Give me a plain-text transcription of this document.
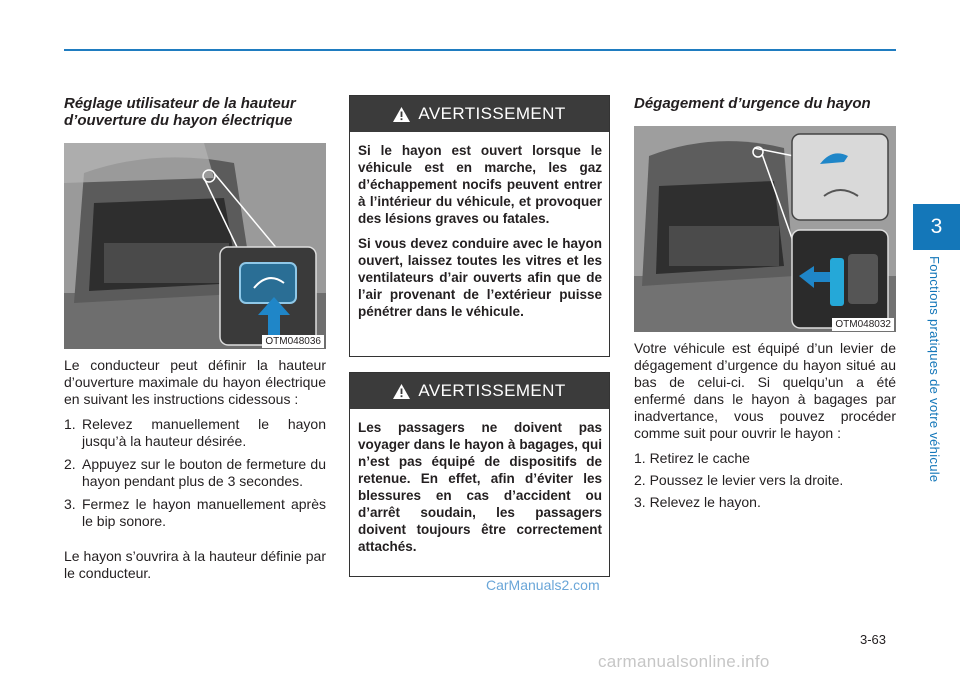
3
Fonctions pratiques de votre véhicule
Réglage utilisateur de la hauteur d’ouverture du hayon électrique
OTM048036

Le conducteur peut définir la hauteur d’ouverture maximale du hayon électrique en suivant les instructions cidessous :

1. Relevez manuellement le hayon jusqu’à la hauteur désirée.
2. Appuyez sur le bouton de fermeture du hayon pendant plus de 3 secondes.
3. Fermez le hayon manuellement après le bip sonore.

Le hayon s’ouvrira à la hauteur définie par le conducteur.

AVERTISSEMENT

Si le hayon est ouvert lorsque le véhicule est en marche, les gaz d’échappement nocifs peuvent entrer à l’intérieur du véhicule, et provoquer des lésions graves ou fatales.

Si vous devez conduire avec le hayon ouvert, laissez toutes les vitres et les ventilateurs d’air ouverts afin que de l’air provenant de l’extérieur puisse pénétrer dans le véhicule.

AVERTISSEMENT

Les passagers ne doivent pas voyager dans le hayon à bagages, qui n’est pas équipé de dispositifs de retenue. En effet, afin d’éviter les blessures en cas d’accident ou d’arrêt soudain, les passagers doivent toujours être correctement attachés.

Dégagement d’urgence du hayon
OTM048032

Votre véhicule est équipé d’un levier de dégagement d’urgence du hayon situé au bas de celui-ci. Si quelqu’un a été enfermé dans le hayon à bagages par inadvertance, vous pouvez procéder comme suit pour ouvrir le hayon :

1. Retirez le cache
2. Poussez le levier vers la droite.
3. Relevez le hayon.
CarManuals2.com
3-63
carmanualsonline.info
